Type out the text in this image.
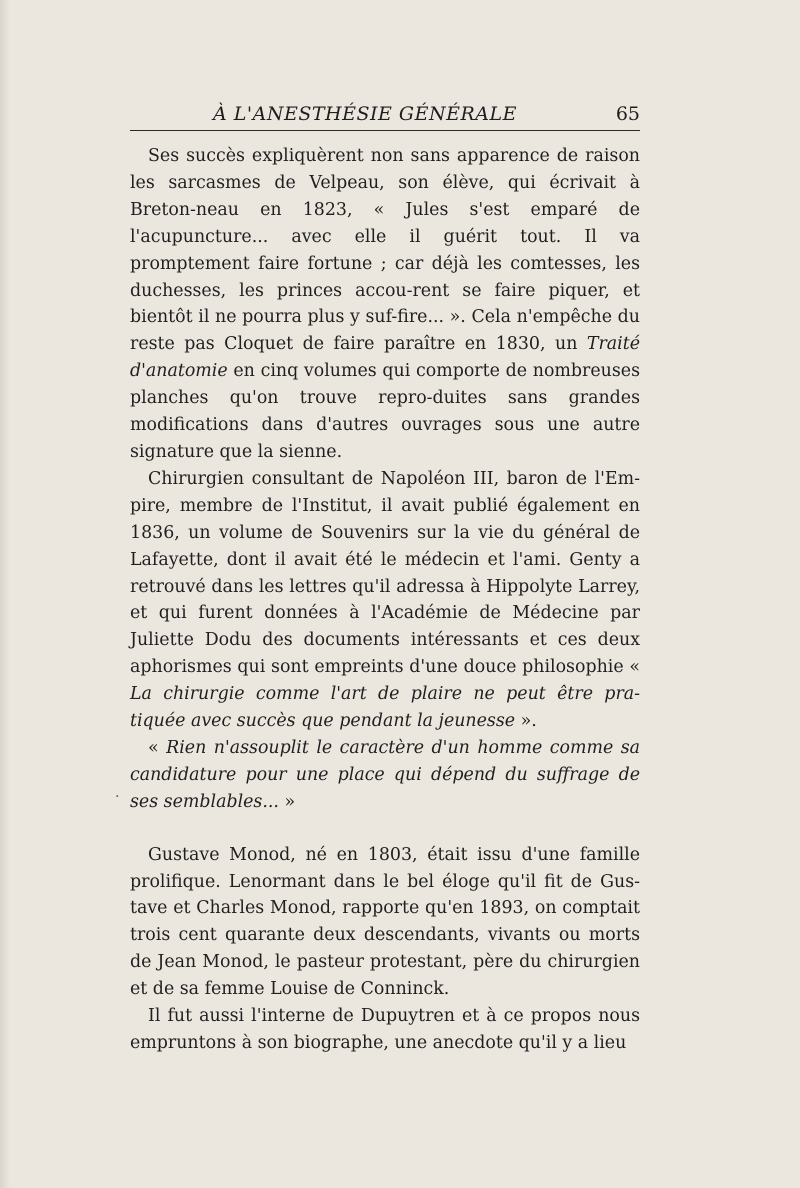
À L'ANESTHÉSIE GÉNÉRALE	65

Ses succès expliquèrent non sans apparence de raison les sarcasmes de Velpeau, son élève, qui écrivait à Breton-neau en 1823, « Jules s'est emparé de l'acupuncture... avec elle il guérit tout. Il va promptement faire fortune ; car déjà les comtesses, les duchesses, les princes accou-rent se faire piquer, et bientôt il ne pourra plus y suf-fire... ». Cela n'empêche du reste pas Cloquet de faire paraître en 1830, un Traité d'anatomie en cinq volumes qui comporte de nombreuses planches qu'on trouve repro-duites sans grandes modifications dans d'autres ouvrages sous une autre signature que la sienne.

Chirurgien consultant de Napoléon III, baron de l'Em-pire, membre de l'Institut, il avait publié également en 1836, un volume de Souvenirs sur la vie du général de Lafayette, dont il avait été le médecin et l'ami. Genty a retrouvé dans les lettres qu'il adressa à Hippolyte Larrey, et qui furent données à l'Académie de Médecine par Juliette Dodu des documents intéressants et ces deux aphorismes qui sont empreints d'une douce philosophie « La chirurgie comme l'art de plaire ne peut être pra-tiquée avec succès que pendant la jeunesse ».

« Rien n'assouplit le caractère d'un homme comme sa candidature pour une place qui dépend du suffrage de ses semblables... »

Gustave Monod, né en 1803, était issu d'une famille prolifique. Lenormant dans le bel éloge qu'il fit de Gus-tave et Charles Monod, rapporte qu'en 1893, on comptait trois cent quarante deux descendants, vivants ou morts de Jean Monod, le pasteur protestant, père du chirurgien et de sa femme Louise de Conninck.

Il fut aussi l'interne de Dupuytren et à ce propos nous empruntons à son biographe, une anecdote qu'il y a lieu

.
